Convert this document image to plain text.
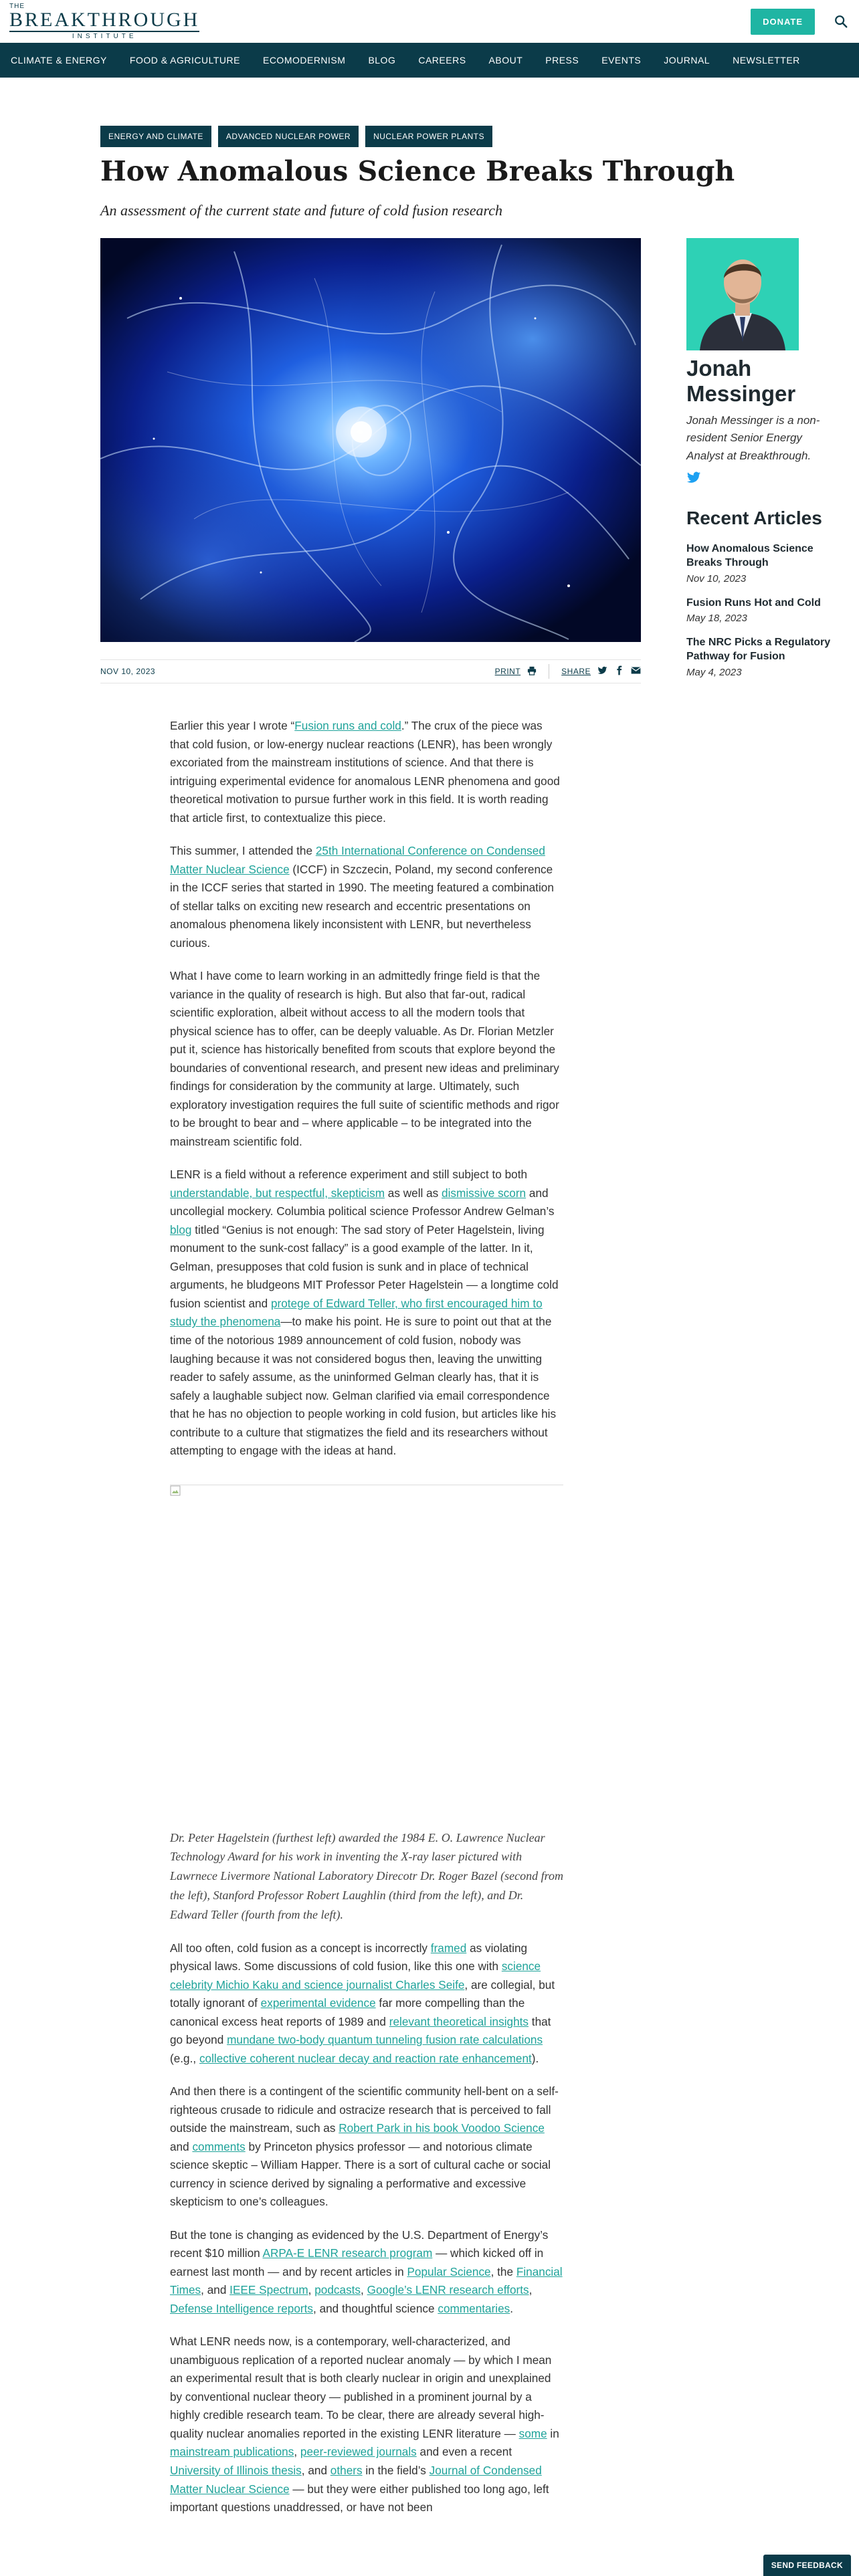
THE
BREAKTHROUGH
INSTITUTE
DONATE
CLIMATE & ENERGY FOOD & AGRICULTURE ECOMODERNISM BLOG CAREERS ABOUT PRESS EVENTS JOURNAL NEWSLETTER
ENERGY AND CLIMATE	ADVANCED NUCLEAR POWER	NUCLEAR POWER PLANTS
How Anomalous Science Breaks Through
An assessment of the current state and future of cold fusion research
NOV 10, 2023	PRINT	SHARE
Jonah Messinger
Jonah Messinger is a non-resident Senior Energy Analyst at Breakthrough.
Recent Articles
How Anomalous Science Breaks Through
Nov 10, 2023
Fusion Runs Hot and Cold
May 18, 2023
The NRC Picks a Regulatory Pathway for Fusion
May 4, 2023

Earlier this year I wrote “Fusion runs and cold.” The crux of the piece was that cold fusion, or low-energy nuclear reactions (LENR), has been wrongly excoriated from the mainstream institutions of science. And that there is intriguing experimental evidence for anomalous LENR phenomena and good theoretical motivation to pursue further work in this field. It is worth reading that article first, to contextualize this piece.

This summer, I attended the 25th International Conference on Condensed Matter Nuclear Science (ICCF) in Szczecin, Poland, my second conference in the ICCF series that started in 1990. The meeting featured a combination of stellar talks on exciting new research and eccentric presentations on anomalous phenomena likely inconsistent with LENR, but nevertheless curious.

What I have come to learn working in an admittedly fringe field is that the variance in the quality of research is high. But also that far-out, radical scientific exploration, albeit without access to all the modern tools that physical science has to offer, can be deeply valuable. As Dr. Florian Metzler put it, science has historically benefited from scouts that explore beyond the boundaries of conventional research, and present new ideas and preliminary findings for consideration by the community at large. Ultimately, such exploratory investigation requires the full suite of scientific methods and rigor to be brought to bear and – where applicable – to be integrated into the mainstream scientific fold.

LENR is a field without a reference experiment and still subject to both understandable, but respectful, skepticism as well as dismissive scorn and uncollegial mockery. Columbia political science Professor Andrew Gelman’s blog titled “Genius is not enough: The sad story of Peter Hagelstein, living monument to the sunk-cost fallacy” is a good example of the latter. In it, Gelman, presupposes that cold fusion is sunk and in place of technical arguments, he bludgeons MIT Professor Peter Hagelstein — a longtime cold fusion scientist and protege of Edward Teller, who first encouraged him to study the phenomena—to make his point. He is sure to point out that at the time of the notorious 1989 announcement of cold fusion, nobody was laughing because it was not considered bogus then, leaving the unwitting reader to safely assume, as the uninformed Gelman clearly has, that it is safely a laughable subject now. Gelman clarified via email correspondence that he has no objection to people working in cold fusion, but articles like his contribute to a culture that stigmatizes the field and its researchers without attempting to engage with the ideas at hand.

Dr. Peter Hagelstein (furthest left) awarded the 1984 E. O. Lawrence Nuclear Technology Award for his work in inventing the X-ray laser pictured with Lawrnece Livermore National Laboratory Direcotr Dr. Roger Bazel (second from the left), Stanford Professor Robert Laughlin (third from the left), and Dr. Edward Teller (fourth from the left).

All too often, cold fusion as a concept is incorrectly framed as violating physical laws. Some discussions of cold fusion, like this one with science celebrity Michio Kaku and science journalist Charles Seife, are collegial, but totally ignorant of experimental evidence far more compelling than the canonical excess heat reports of 1989 and relevant theoretical insights that go beyond mundane two-body quantum tunneling fusion rate calculations (e.g., collective coherent nuclear decay and reaction rate enhancement).

And then there is a contingent of the scientific community hell-bent on a self-righteous crusade to ridicule and ostracize research that is perceived to fall outside the mainstream, such as Robert Park in his book Voodoo Science and comments by Princeton physics professor — and notorious climate science skeptic – William Happer. There is a sort of cultural cache or social currency in science derived by signaling a performative and excessive skepticism to one’s colleagues.

But the tone is changing as evidenced by the U.S. Department of Energy’s recent $10 million ARPA-E LENR research program — which kicked off in earnest last month — and by recent articles in Popular Science, the Financial Times, and IEEE Spectrum, podcasts, Google’s LENR research efforts, Defense Intelligence reports, and thoughtful science commentaries.

What LENR needs now, is a contemporary, well-characterized, and unambiguous replication of a reported nuclear anomaly — by which I mean an experimental result that is both clearly nuclear in origin and unexplained by conventional nuclear theory — published in a prominent journal by a highly credible research team. To be clear, there are already several high-quality nuclear anomalies reported in the existing LENR literature — some in mainstream publications, peer-reviewed journals and even a recent University of Illinois thesis, and others in the field’s Journal of Condensed Matter Nuclear Science — but they were either published too long ago, left important questions unaddressed, or have not been

SEND FEEDBACK
